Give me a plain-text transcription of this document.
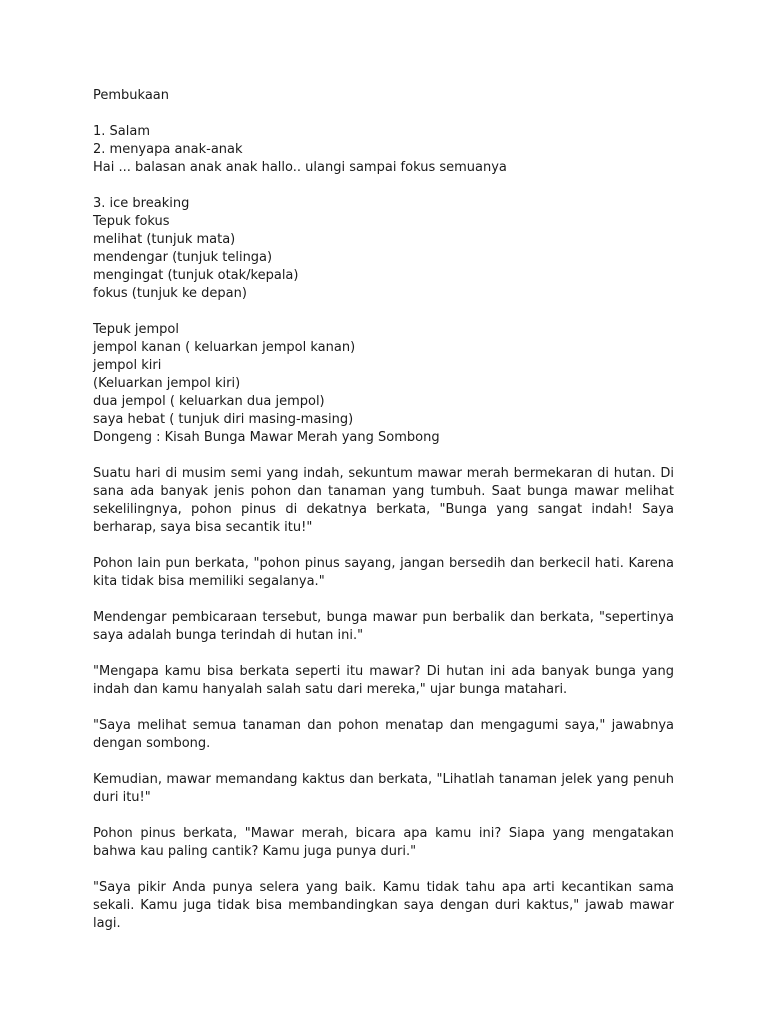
Pembukaan

1. Salam

2. menyapa anak-anak

Hai ... balasan anak anak hallo.. ulangi sampai fokus semuanya

3. ice breaking

Tepuk fokus

melihat (tunjuk mata)

mendengar (tunjuk telinga)

mengingat (tunjuk otak/kepala)

fokus (tunjuk ke depan)

Tepuk jempol

jempol kanan ( keluarkan jempol kanan)

jempol kiri

(Keluarkan jempol kiri)

dua jempol ( keluarkan dua jempol)

saya hebat ( tunjuk diri masing-masing)

Dongeng : Kisah Bunga Mawar Merah yang Sombong

Suatu hari di musim semi yang indah, sekuntum mawar merah bermekaran di hutan. Di sana ada banyak jenis pohon dan tanaman yang tumbuh. Saat bunga mawar melihat sekelilingnya, pohon pinus di dekatnya berkata, "Bunga yang sangat indah! Saya berharap, saya bisa secantik itu!"

Pohon lain pun berkata, "pohon pinus sayang, jangan bersedih dan berkecil hati. Karena kita tidak bisa memiliki segalanya."

Mendengar pembicaraan tersebut, bunga mawar pun berbalik dan berkata, "sepertinya saya adalah bunga terindah di hutan ini."

"Mengapa kamu bisa berkata seperti itu mawar? Di hutan ini ada banyak bunga yang indah dan kamu hanyalah salah satu dari mereka," ujar bunga matahari.

"Saya melihat semua tanaman dan pohon menatap dan mengagumi saya," jawabnya dengan sombong.

Kemudian, mawar memandang kaktus dan berkata, "Lihatlah tanaman jelek yang penuh duri itu!"

Pohon pinus berkata, "Mawar merah, bicara apa kamu ini? Siapa yang mengatakan bahwa kau paling cantik? Kamu juga punya duri."

"Saya pikir Anda punya selera yang baik. Kamu tidak tahu apa arti kecantikan sama sekali. Kamu juga tidak bisa membandingkan saya dengan duri kaktus," jawab mawar lagi.
